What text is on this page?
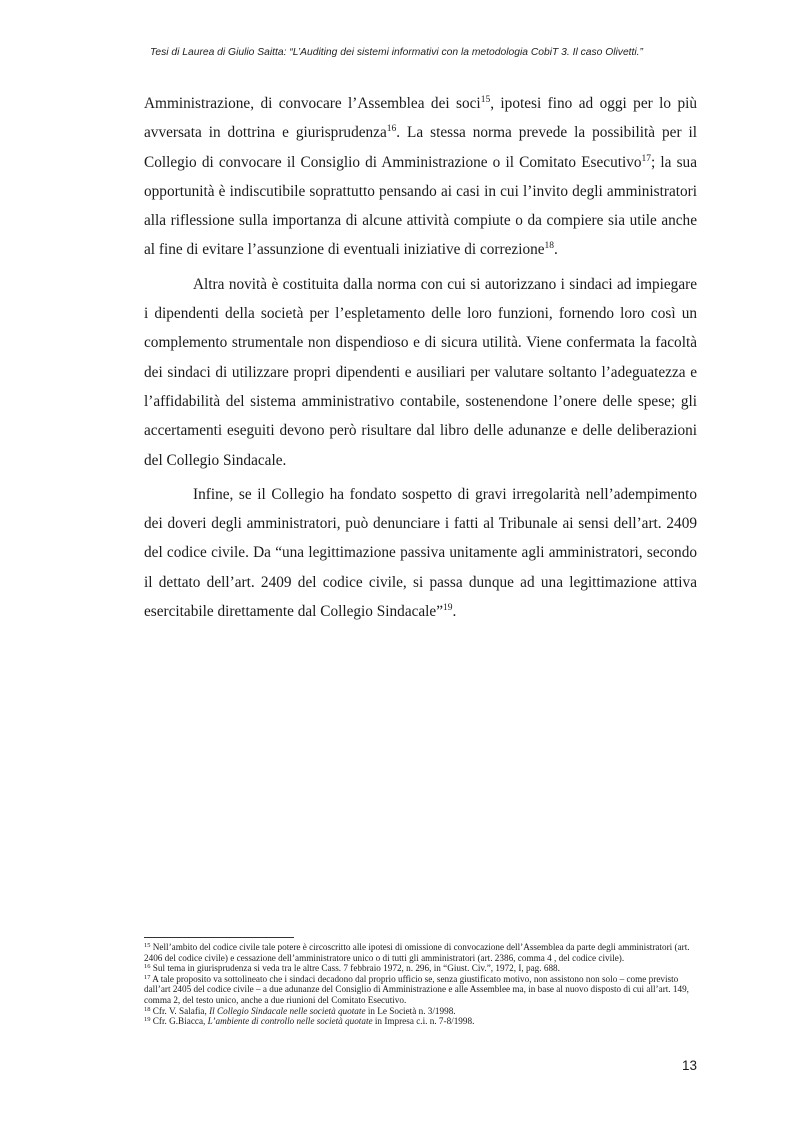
Tesi di Laurea di Giulio Saitta: “L’Auditing dei sistemi informativi con la metodologia CobiT 3. Il caso Olivetti.”

Amministrazione, di convocare l’Assemblea dei soci$^{15}$, ipotesi fino ad oggi per lo più avversata in dottrina e giurisprudenza$^{16}$. La stessa norma prevede la possibilità per il Collegio di convocare il Consiglio di Amministrazione o il Comitato Esecutivo$^{17}$; la sua opportunità è indiscutibile soprattutto pensando ai casi in cui l’invito degli amministratori alla riflessione sulla importanza di alcune attività compiute o da compiere sia utile anche al fine di evitare l’assunzione di eventuali iniziative di correzione$^{18}$.

Altra novità è costituita dalla norma con cui si autorizzano i sindaci ad impiegare i dipendenti della società per l’espletamento delle loro funzioni, fornendo loro così un complemento strumentale non dispendioso e di sicura utilità. Viene confermata la facoltà dei sindaci di utilizzare propri dipendenti e ausiliari per valutare soltanto l’adeguatezza e l’affidabilità del sistema amministrativo contabile, sostenendone l’onere delle spese; gli accertamenti eseguiti devono però risultare dal libro delle adunanze e delle deliberazioni del Collegio Sindacale.

Infine, se il Collegio ha fondato sospetto di gravi irregolarità nell’adempimento dei doveri degli amministratori, può denunciare i fatti al Tribunale ai sensi dell’art. 2409 del codice civile. Da “una legittimazione passiva unitamente agli amministratori, secondo il dettato dell’art. 2409 del codice civile, si passa dunque ad una legittimazione attiva esercitabile direttamente dal Collegio Sindacale”$^{19}$.

$^{15}$ Nell’ambito del codice civile tale potere è circoscritto alle ipotesi di omissione di convocazione dell’Assemblea da parte degli amministratori (art. 2406 del codice civile) e cessazione dell’amministratore unico o di tutti gli amministratori (art. 2386, comma 4 , del codice civile).

$^{16}$ Sul tema in giurisprudenza si veda tra le altre Cass. 7 febbraio 1972, n. 296, in “Giust. Civ.”, 1972, I, pag. 688.

$^{17}$ A tale proposito va sottolineato che i sindaci decadono dal proprio ufficio se, senza giustificato motivo, non assistono non solo – come previsto dall’art 2405 del codice civile – a due adunanze del Consiglio di Amministrazione e alle Assemblee ma, in base al nuovo disposto di cui all’art. 149, comma 2, del testo unico, anche a due riunioni del Comitato Esecutivo.

$^{18}$ Cfr. V. Salafia, Il Collegio Sindacale nelle società quotate in Le Società n. 3/1998.

$^{19}$ Cfr. G.Biacca, L’ambiente di controllo nelle società quotate in Impresa c.i. n. 7-8/1998.

13
